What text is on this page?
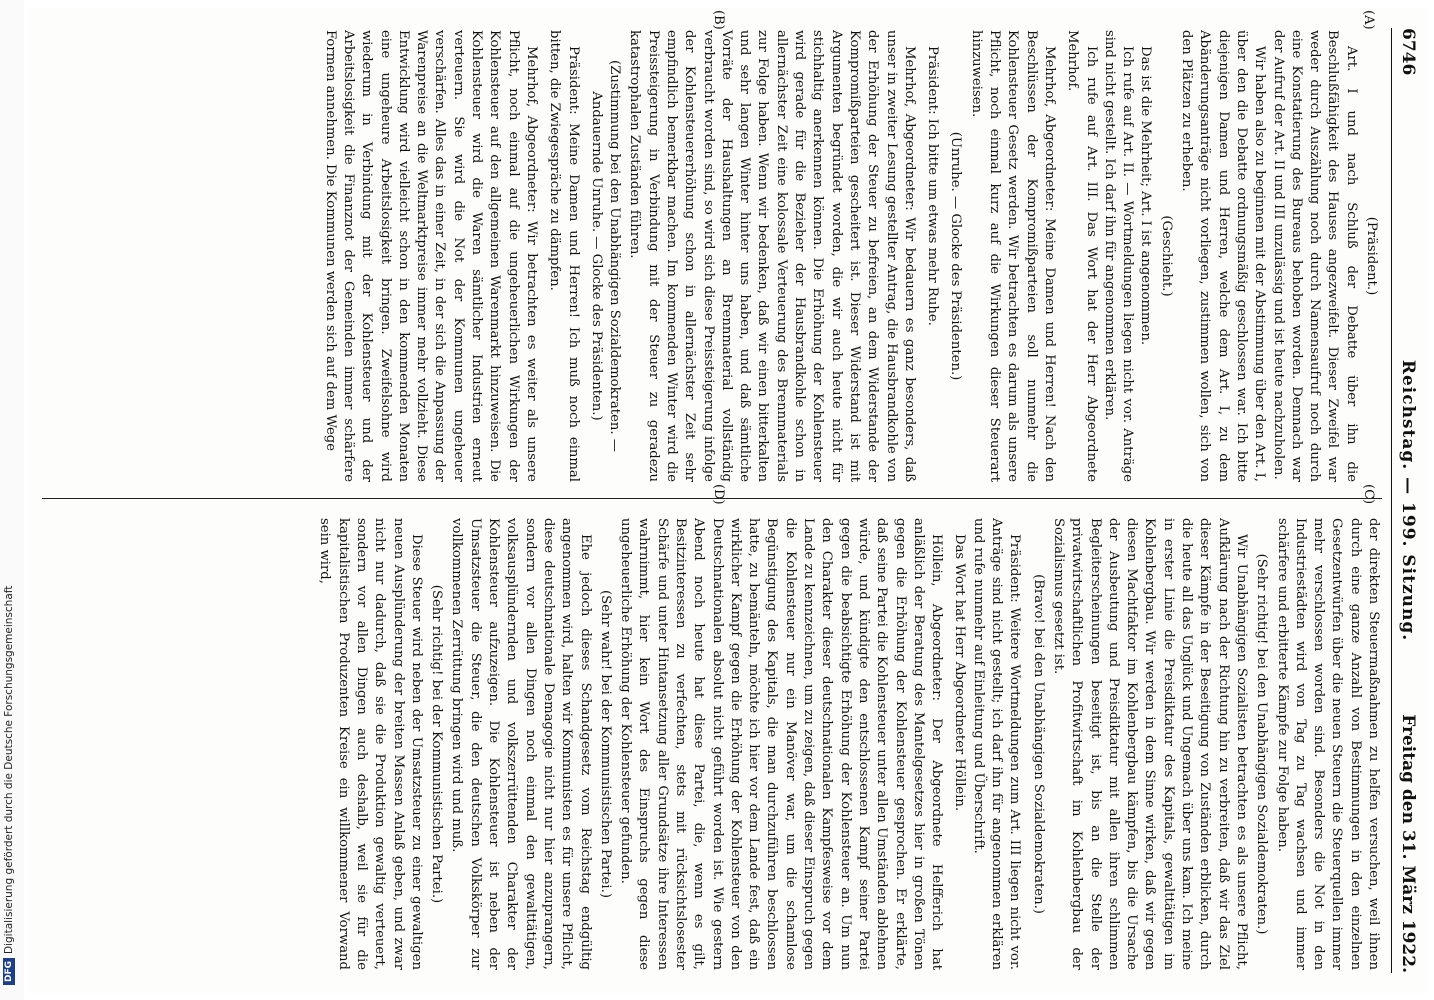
DFGDigitalisierung gefördert durch die Deutsche Forschungsgemeinschaft
6746
Reichstag. — 199. Sitzung.
Freitag den 31. März 1922.
(A)
(B)
(C)
(D)

(Präsident.)

Art. I und nach Schluß der Debatte über ihn die Beschlußfähigkeit des Hauses angezweifelt. Dieser Zweifel war weder durch Auszählung noch durch Namensaufruf noch durch eine Konstatierung des Bureaus behoben worden. Demnach war der Aufruf der Art. II und III unzulässig und ist heute nachzuholen.

Wir haben also zu beginnen mit der Abstimmung über den Art. I, über den die Debatte ordnungsmäßig geschlossen war. Ich bitte diejenigen Damen und Herren, welche dem Art. I, zu dem Abänderungsanträge nicht vorliegen, zustimmen wollen, sich von den Plätzen zu erheben.

(Geschieht.)

Das ist die Mehrheit; Art. I ist angenommen.

Ich rufe auf Art. II. — Wortmeldungen liegen nicht vor. Anträge sind nicht gestellt. Ich darf ihn für angenommen erklären.

Ich rufe auf Art. III. Das Wort hat der Herr Abgeordnete Mehrhof.

Mehrhof, Abgeordneter: Meine Damen und Herren! Nach den Beschlüssen der Kompromißparteien soll nunmehr die Kohlensteuer Gesetz werden. Wir betrachten es darum als unsere Pflicht, noch einmal kurz auf die Wirkungen dieser Steuerart hinzuweisen.

(Unruhe. — Glocke des Präsidenten.)

Präsident: Ich bitte um etwas mehr Ruhe.

Mehrhof, Abgeordneter: Wir bedauern es ganz besonders, daß unser in zweiter Lesung gestellter Antrag, die Hausbrandkohle von der Erhöhung der Steuer zu befreien, an dem Widerstande der Kompromißparteien gescheitert ist. Dieser Widerstand ist mit Argumenten begründet worden, die wir auch heute nicht für stichhaltig anerkennen können. Die Erhöhung der Kohlensteuer wird gerade für die Bezieher der Hausbrandkohle schon in allernächster Zeit eine kolossale Verteuerung des Brennmaterials zur Folge haben. Wenn wir bedenken, daß wir einen bitterkalten und sehr langen Winter hinter uns haben, und daß sämtliche Vorräte der Haushaltungen an Brennmaterial vollständig verbraucht worden sind, so wird sich diese Preissteigerung infolge der Kohlensteuererhöhung schon in allernächster Zeit sehr empfindlich bemerkbar machen. Im kommenden Winter wird die Preissteigerung in Verbindung mit der Steuer zu geradezu katastrophalen Zuständen führen.

(Zustimmung bei den Unabhängigen Sozialdemokraten. — Andauernde Unruhe. — Glocke des Präsidenten.)

Präsident: Meine Damen und Herren! Ich muß noch einmal bitten, die Zwiegespräche zu dämpfen.

Mehrhof, Abgeordneter: Wir betrachten es weiter als unsere Pflicht, noch einmal auf die ungeheuerlichen Wirkungen der Kohlensteuer auf den allgemeinen Warenmarkt hinzuweisen. Die Kohlensteuer wird die Waren sämtlicher Industrien erneut verteuern. Sie wird die Not der Kommunen ungeheuer verschärfen. Alles das in einer Zeit, in der sich die Anpassung der Warenpreise an die Weltmarktpreise immer mehr vollzieht. Diese Entwicklung wird vielleicht schon in den kommenden Monaten eine ungeheure Arbeitslosigkeit bringen. Zweifelsohne wird wiederum in Verbindung mit der Kohlensteuer und der Arbeitslosigkeit die Finanznot der Gemeinden immer schärfere Formen annehmen. Die Kommunen werden sich auf dem Wege

der direkten Steuermaßnahmen zu helfen versuchen, weil ihnen durch eine ganze Anzahl von Bestimmungen in den einzelnen Gesetzentwürfen über die neuen Steuern die Steuerquellen immer mehr verschlossen worden sind. Besonders die Not in den Industriestädten wird von Tag zu Tag wachsen und immer schärfere und erbitterte Kämpfe zur Folge haben.

(Sehr richtig! bei den Unabhängigen Sozialdemokraten.)

Wir Unabhängigen Sozialisten betrachten es als unsere Pflicht, Aufklärung nach der Richtung hin zu verbreiten, daß wir das Ziel dieser Kämpfe in der Beseitigung von Zuständen erblicken, durch die heute all das Unglück und Ungemach über uns kam. Ich meine in erster Linie die Preisdiktatur des Kapitals, gewalttätigen im Kohlenbergbau. Wir werden in dem Sinne wirken, daß wir gegen diesen Machtfaktor im Kohlenbergbau kämpfen, bis die Ursache der Ausbeutung und Preisdiktatur mit allen ihren schlimmen Begleiterscheinungen beseitigt ist, bis an die Stelle der privatwirtschaftlichen Profitwirtschaft im Kohlenbergbau der Sozialismus gesetzt ist.

(Bravo! bei den Unabhängigen Sozialdemokraten.)

Präsident: Weitere Wortmeldungen zum Art. III liegen nicht vor. Anträge sind nicht gestellt; ich darf ihn für angenommen erklären und rufe nunmehr auf Einleitung und Überschrift.

Das Wort hat Herr Abgeordneter Höllein.

Höllein, Abgeordneter: Der Abgeordnete Helfferich hat anläßlich der Beratung des Mantelgesetzes hier in großen Tönen gegen die Erhöhung der Kohlensteuer gesprochen. Er erklärte, daß seine Partei die Kohlensteuer unter allen Umständen ablehnen würde, und kündigte den entschlossenen Kampf seiner Partei gegen die beabsichtigte Erhöhung der Kohlensteuer an. Um nun den Charakter dieser deutschnationalen Kampfesweise vor dem Lande zu kennzeichnen, um zu zeigen, daß dieser Einspruch gegen die Kohlensteuer nur ein Manöver war, um die schamlose Begünstigung des Kapitals, die man durchzuführen beschlossen hatte, zu bemänteln, möchte ich hier vor dem Lande fest, daß ein wirklicher Kampf gegen die Erhöhung der Kohlensteuer von den Deutschnationalen absolut nicht geführt worden ist. Wie gestern Abend noch heute hat diese Partei, die, wenn es gilt, Besitzinteressen zu verfechten, stets mit rücksichtslosester Schärfe und unter Hintansetzung aller Grundsätze ihre Interessen wahrnimmt, hier kein Wort des Einspruchs gegen diese ungeheuerliche Erhöhung der Kohlensteuer gefunden.

(Sehr wahr! bei der Kommunistischen Partei.)

Ehe jedoch dieses Schandgesetz vom Reichstag endgültig angenommen wird, halten wir Kommunisten es für unsere Pflicht, diese deutschnationale Demagogie nicht nur hier anzuprangern, sondern vor allen Dingen noch einmal den gewalttätigen, volksausplündernden und volkszerrüttenden Charakter der Kohlensteuer aufzuzeigen. Die Kohlensteuer ist neben der Umsatzsteuer die Steuer, die den deutschen Volkskörper zur vollkommenen Zerrüttung bringen wird und muß.

(Sehr richtig! bei der Kommunistischen Partei.)

Diese Steuer wird neben der Umsatzsteuer zu einer gewaltigen neuen Ausplünderung der breiten Massen Anlaß geben, und zwar nicht nur dadurch, daß sie die Produktion gewaltig verteuert, sondern vor allen Dingen auch deshalb, weil sie für die kapitalistischen Produzenten Kreise ein willkommener Vorwand sein wird,
